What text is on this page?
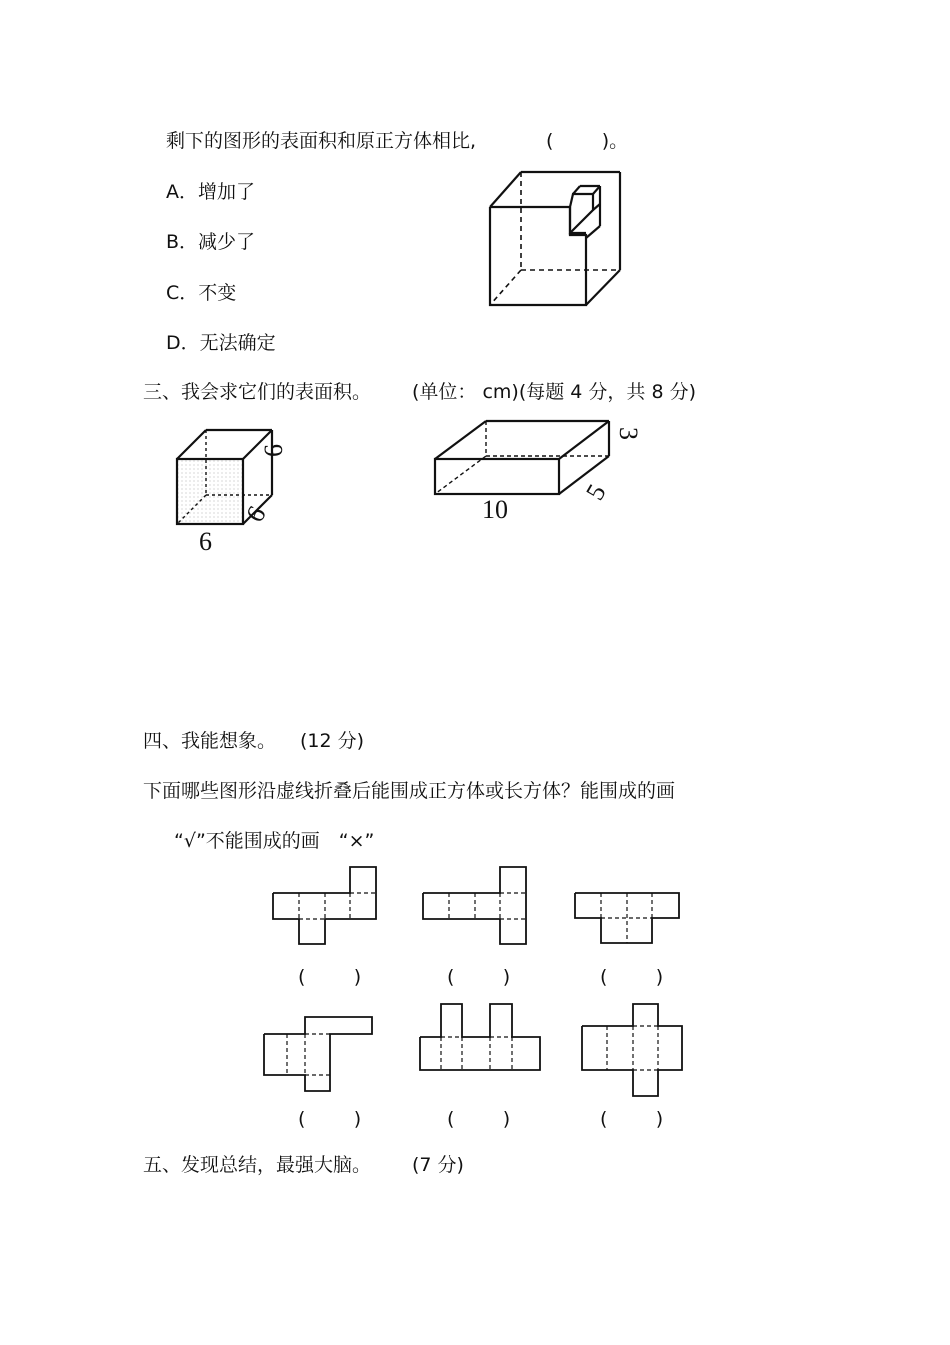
剩下的图形的表面积和原正方体相比,	(        )。
A．增加了
B．减少了
C．不变
D．无法确定
三、我会求它们的表面积。 (单位： cm)(每题 4 分，共 8 分)
6
6
6
10
5
3
四、我能想象。 (12 分)
下面哪些图形沿虚线折叠后能围成正方体或长方体？能围成的画
“√”不能围成的画　“×”
(        )	(        )	(        )
(        )	(        )	(        )
五、发现总结，最强大脑。 (7 分)
